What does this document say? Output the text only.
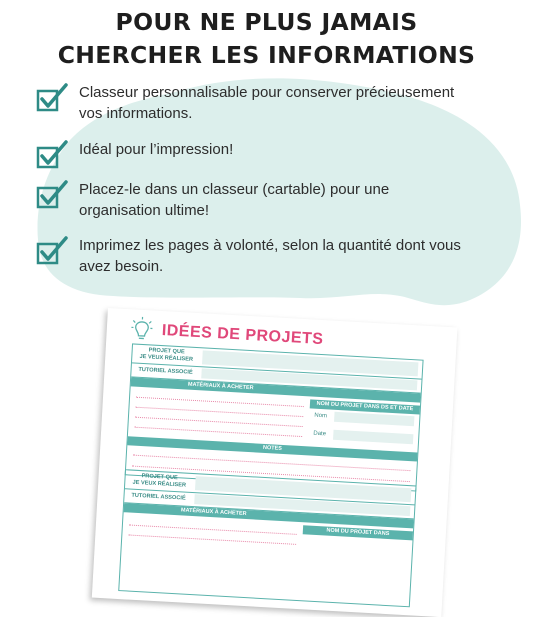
POUR NE PLUS JAMAIS
CHERCHER LES INFORMATIONS
Classeur personnalisable pour conserver précieusement
vos informations.
Idéal pour l’impression!
Placez-le dans un classeur (cartable) pour une
organisation ultime!
Imprimez les pages à volonté, selon la quantité dont vous
avez besoin.
IDÉES DE PROJETS
PROJET QUE
JE VEUX RÉALISER
TUTORIEL ASSOCIÉ
MATÉRIAUX À ACHETER
NOM DU PROJET DANS DS ET DATE
Nom
Date
NOTES
PROJET QUE
JE VEUX RÉALISER
TUTORIEL ASSOCIÉ
MATÉRIAUX À ACHETER
NOM DU PROJET DANS
